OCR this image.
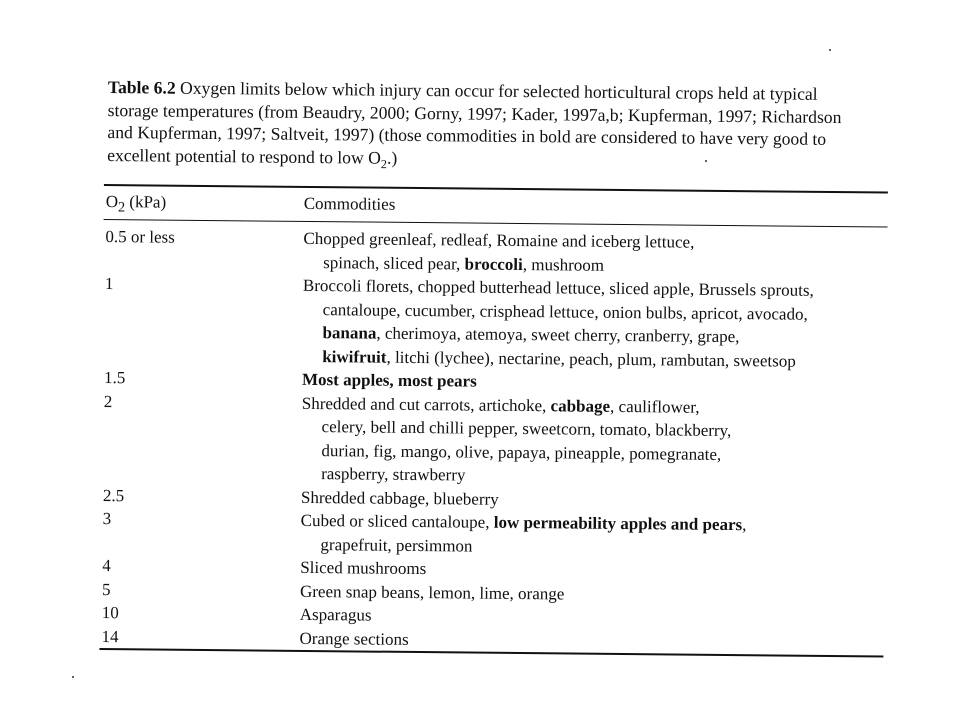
Table 6.2 Oxygen limits below which injury can occur for selected horticultural crops held at typical
storage temperatures (from Beaudry, 2000; Gorny, 1997; Kader, 1997a,b; Kupferman, 1997; Richardson
and Kupferman, 1997; Saltveit, 1997) (those commodities in bold are considered to have very good to
excellent potential to respond to low $O_2$.)
$O_2$ (kPa)	Commodities
0.5 or less	Chopped greenleaf, redleaf, Romaine and iceberg lettuce,
spinach, sliced pear, broccoli, mushroom
1	Broccoli florets, chopped butterhead lettuce, sliced apple, Brussels sprouts,
cantaloupe, cucumber, crisphead lettuce, onion bulbs, apricot, avocado,
banana, cherimoya, atemoya, sweet cherry, cranberry, grape,
kiwifruit, litchi (lychee), nectarine, peach, plum, rambutan, sweetsop
1.5	Most apples, most pears
2	Shredded and cut carrots, artichoke, cabbage, cauliflower,
celery, bell and chilli pepper, sweetcorn, tomato, blackberry,
durian, fig, mango, olive, papaya, pineapple, pomegranate,
raspberry, strawberry
2.5	Shredded cabbage, blueberry
3	Cubed or sliced cantaloupe, low permeability apples and pears,
grapefruit, persimmon
4	Sliced mushrooms
5	Green snap beans, lemon, lime, orange
10	Asparagus
14	Orange sections
